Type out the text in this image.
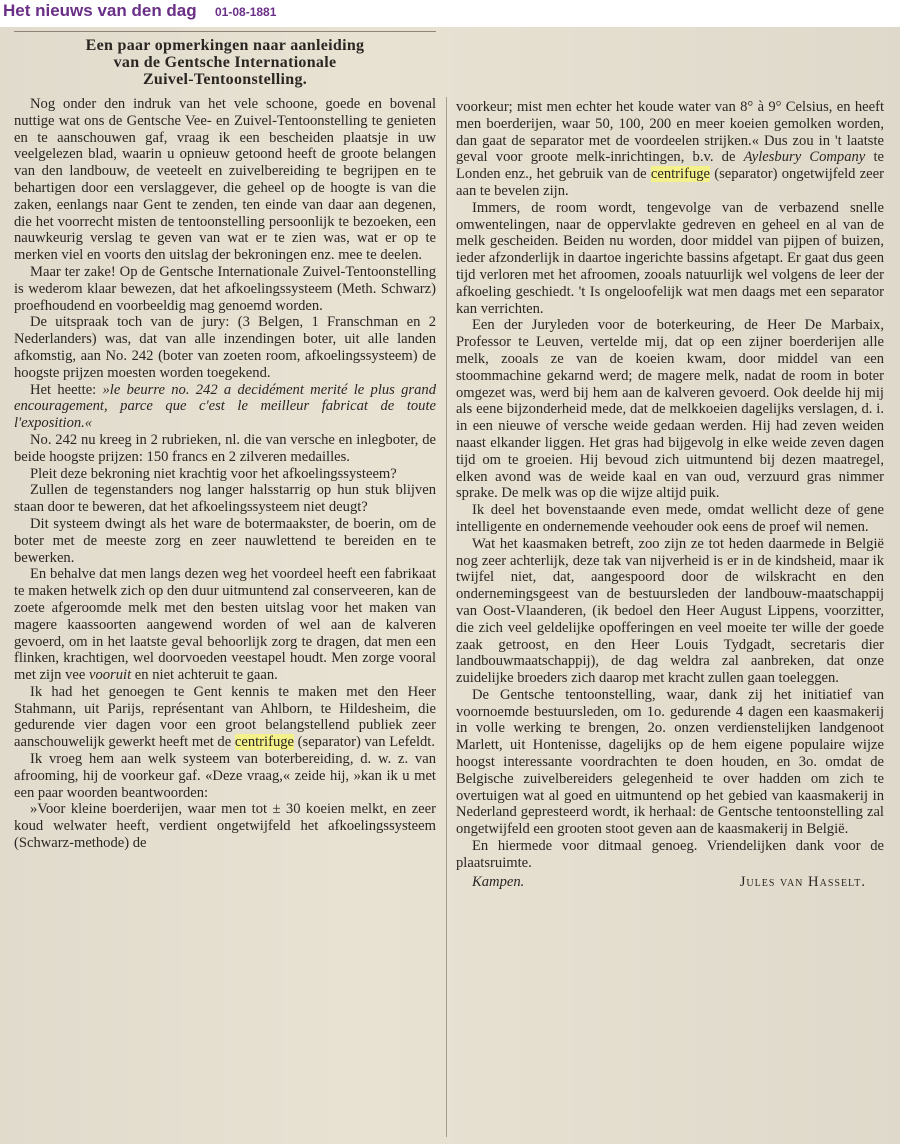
Het nieuws van den dag 01-08-1881
Een paar opmerkingen naar aanleiding
van de Gentsche Internationale
Zuivel-Tentoonstelling.

Nog onder den indruk van het vele schoone, goede en bovenal nuttige wat ons de Gentsche Vee- en Zuivel-Tentoonstelling te genieten en te aanschouwen gaf, vraag ik een bescheiden plaatsje in uw veelgelezen blad, waarin u opnieuw getoond heeft de groote belangen van den landbouw, de veeteelt en zuivelbereiding te begrijpen en te behartigen door een verslaggever, die geheel op de hoogte is van die zaken, eenlangs naar Gent te zenden, ten einde van daar aan degenen, die het voorrecht misten de tentoonstelling persoonlijk te bezoeken, een nauwkeurig verslag te geven van wat er te zien was, wat er op te merken viel en voorts den uitslag der bekroningen enz. mee te deelen.

Maar ter zake! Op de Gentsche Internationale Zuivel-Tentoonstelling is wederom klaar bewezen, dat het afkoelingssysteem (Meth. Schwarz) proefhoudend en voorbeeldig mag genoemd worden.

De uitspraak toch van de jury: (3 Belgen, 1 Franschman en 2 Nederlanders) was, dat van alle inzendingen boter, uit alle landen afkomstig, aan No. 242 (boter van zoeten room, afkoelingssysteem) de hoogste prijzen moesten worden toegekend.

Het heette: »le beurre no. 242 a decidément merité le plus grand encouragement, parce que c'est le meilleur fabricat de toute l'exposition.«

No. 242 nu kreeg in 2 rubrieken, nl. die van versche en inlegboter, de beide hoogste prijzen: 150 francs en 2 zilveren medailles.

Pleit deze bekroning niet krachtig voor het afkoelingssysteem?

Zullen de tegenstanders nog langer halsstarrig op hun stuk blijven staan door te beweren, dat het afkoelingssysteem niet deugt?

Dit systeem dwingt als het ware de botermaakster, de boerin, om de boter met de meeste zorg en zeer nauwlettend te bereiden en te bewerken.

En behalve dat men langs dezen weg het voordeel heeft een fabrikaat te maken hetwelk zich op den duur uitmuntend zal conserveeren, kan de zoete afgeroomde melk met den besten uitslag voor het maken van magere kaassoorten aangewend worden of wel aan de kalveren gevoerd, om in het laatste geval behoorlijk zorg te dragen, dat men een flinken, krachtigen, wel doorvoeden veestapel houdt. Men zorge vooral met zijn vee vooruit en niet achteruit te gaan.

Ik had het genoegen te Gent kennis te maken met den Heer Stahmann, uit Parijs, représentant van Ahlborn, te Hildesheim, die gedurende vier dagen voor een groot belangstellend publiek zeer aanschouwelijk gewerkt heeft met de centrifuge (separator) van Lefeldt.

Ik vroeg hem aan welk systeem van boterbereiding, d. w. z. van afrooming, hij de voorkeur gaf. «Deze vraag,« zeide hij, »kan ik u met een paar woorden beantwoorden:

»Voor kleine boerderijen, waar men tot ± 30 koeien melkt, en zeer koud welwater heeft, verdient ongetwijfeld het afkoelingssysteem (Schwarz-methode) de

voorkeur; mist men echter het koude water van 8° à 9° Celsius, en heeft men boerderijen, waar 50, 100, 200 en meer koeien gemolken worden, dan gaat de separator met de voordeelen strijken.« Dus zou in 't laatste geval voor groote melk-inrichtingen, b.v. de Aylesbury Company te Londen enz., het gebruik van de centrifuge (separator) ongetwijfeld zeer aan te bevelen zijn.

Immers, de room wordt, tengevolge van de verbazend snelle omwentelingen, naar de oppervlakte gedreven en geheel en al van de melk gescheiden. Beiden nu worden, door middel van pijpen of buizen, ieder afzonderlijk in daartoe ingerichte bassins afgetapt. Er gaat dus geen tijd verloren met het afroomen, zooals natuurlijk wel volgens de leer der afkoeling geschiedt. 't Is ongeloofelijk wat men daags met een separator kan verrichten.

Een der Juryleden voor de boterkeuring, de Heer De Marbaix, Professor te Leuven, vertelde mij, dat op een zijner boerderijen alle melk, zooals ze van de koeien kwam, door middel van een stoommachine gekarnd werd; de magere melk, nadat de room in boter omgezet was, werd bij hem aan de kalveren gevoerd. Ook deelde hij mij als eene bijzonderheid mede, dat de melkkoeien dagelijks verslagen, d. i. in een nieuwe of versche weide gedaan werden. Hij had zeven weiden naast elkander liggen. Het gras had bijgevolg in elke weide zeven dagen tijd om te groeien. Hij bevoud zich uitmuntend bij dezen maatregel, elken avond was de weide kaal en van oud, verzuurd gras nimmer sprake. De melk was op die wijze altijd puik.

Ik deel het bovenstaande even mede, omdat wellicht deze of gene intelligente en ondernemende veehouder ook eens de proef wil nemen.

Wat het kaasmaken betreft, zoo zijn ze tot heden daarmede in België nog zeer achterlijk, deze tak van nijverheid is er in de kindsheid, maar ik twijfel niet, dat, aangespoord door de wilskracht en den ondernemingsgeest van de bestuursleden der landbouw-maatschappij van Oost-Vlaanderen, (ik bedoel den Heer August Lippens, voorzitter, die zich veel geldelijke opofferingen en veel moeite ter wille der goede zaak getroost, en den Heer Louis Tydgadt, secretaris dier landbouwmaatschappij), de dag weldra zal aanbreken, dat onze zuidelijke broeders zich daarop met kracht zullen gaan toeleggen.

De Gentsche tentoonstelling, waar, dank zij het initiatief van voornoemde bestuursleden, om 1o. gedurende 4 dagen een kaasmakerij in volle werking te brengen, 2o. onzen verdienstelijken landgenoot Marlett, uit Hontenisse, dagelijks op de hem eigene populaire wijze hoogst interessante voordrachten te doen houden, en 3o. omdat de Belgische zuivelbereiders gelegenheid te over hadden om zich te overtuigen wat al goed en uitmuntend op het gebied van kaasmakerij in Nederland gepresteerd wordt, ik herhaal: de Gentsche tentoonstelling zal ongetwijfeld een grooten stoot geven aan de kaasmakerij in België.

En hiermede voor ditmaal genoeg. Vriendelijken dank voor de plaatsruimte.

Kampen.	Jules van Hasselt.
